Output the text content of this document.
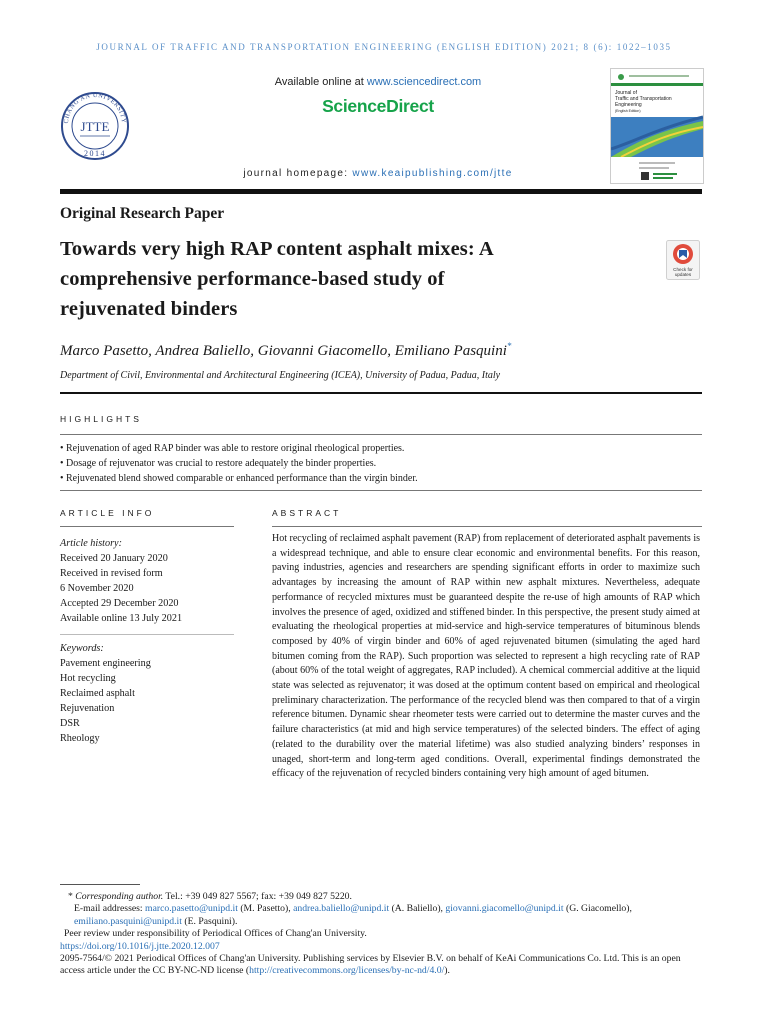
JOURNAL OF TRAFFIC AND TRANSPORTATION ENGINEERING (ENGLISH EDITION) 2021; 8 (6): 1022–1035
CHANG'AN UNIVERSITY
JTTE
2014
Available online at www.sciencedirect.com
ScienceDirect
journal homepage: www.keaipublishing.com/jtte
Journal of Traffic and Transportation Engineering
(English Edition)
Original Research Paper
Towards very high RAP content asphalt mixes: A
comprehensive performance-based study of
rejuvenated binders
Check for updates
Marco Pasetto, Andrea Baliello, Giovanni Giacomello, Emiliano Pasquini*
Department of Civil, Environmental and Architectural Engineering (ICEA), University of Padua, Padua, Italy
HIGHLIGHTS
• Rejuvenation of aged RAP binder was able to restore original rheological properties.
• Dosage of rejuvenator was crucial to restore adequately the binder properties.
• Rejuvenated blend showed comparable or enhanced performance than the virgin binder.
ARTICLE INFO	ABSTRACT
Article history:
Received 20 January 2020
Received in revised form
6 November 2020
Accepted 29 December 2020
Available online 13 July 2021
Keywords:
Pavement engineering
Hot recycling
Reclaimed asphalt
Rejuvenation
DSR
Rheology
Hot recycling of reclaimed asphalt pavement (RAP) from replacement of deteriorated asphalt pavements is a widespread technique, and able to ensure clear economic and environmental benefits. For this reason, paving industries, agencies and researchers are spending significant efforts in order to maximize such advantages by increasing the amount of RAP within new asphalt mixtures. Nevertheless, adequate performance of recycled mixtures must be guaranteed despite the re-use of high amounts of RAP which involves the presence of aged, oxidized and stiffened binder. In this perspective, the present study aimed at evaluating the rheological properties at mid-service and high-service temperatures of bituminous blends composed by 40% of virgin binder and 60% of aged rejuvenated bitumen (simulating the aged hard bitumen coming from the RAP). Such proportion was selected to represent a high recycling rate of RAP (about 60% of the total weight of aggregates, RAP included). A chemical commercial additive at the liquid state was selected as rejuvenator; it was dosed at the optimum content based on empirical and rheological preliminary characterization. The performance of the recycled blend was then compared to that of a virgin reference bitumen. Dynamic shear rheometer tests were carried out to determine the master curves and the failure characteristics (at mid and high service temperatures) of the selected binders. The effect of aging (related to the durability over the material lifetime) was also studied analyzing binders’ responses in unaged, short-term and long-term aged conditions. Overall, experimental findings demonstrated the efficacy of the rejuvenation of recycled binders containing very high amount of aged bitumen.
* Corresponding author. Tel.: +39 049 827 5567; fax: +39 049 827 5220.
E-mail addresses: marco.pasetto@unipd.it (M. Pasetto), andrea.baliello@unipd.it (A. Baliello), giovanni.giacomello@unipd.it (G. Giacomello), emiliano.pasquini@unipd.it (E. Pasquini).
Peer review under responsibility of Periodical Offices of Chang'an University.
https://doi.org/10.1016/j.jtte.2020.12.007
2095-7564/© 2021 Periodical Offices of Chang'an University. Publishing services by Elsevier B.V. on behalf of KeAi Communications Co. Ltd. This is an open access article under the CC BY-NC-ND license (http://creativecommons.org/licenses/by-nc-nd/4.0/).
